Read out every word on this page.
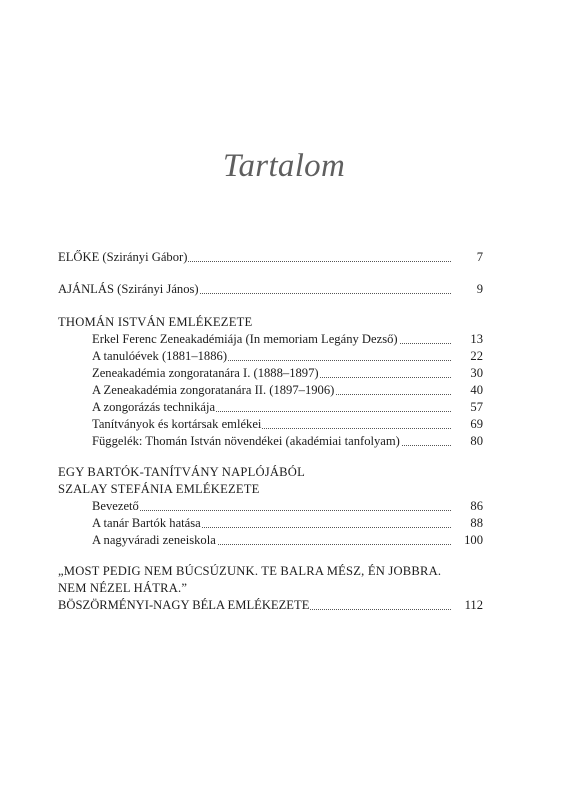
Tartalom
ELŐKE (Szirányi Gábor)	7
AJÁNLÁS (Szirányi János)	9
THOMÁN ISTVÁN EMLÉKEZETE
Erkel Ferenc Zeneakadémiája (In memoriam Legány Dezső)	13
A tanulóévek (1881–1886)	22
Zeneakadémia zongoratanára I. (1888–1897)	30
A Zeneakadémia zongoratanára II. (1897–1906)	40
A zongorázás technikája	57
Tanítványok és kortársak emlékei	69
Függelék: Thomán István növendékei (akadémiai tanfolyam)	80
EGY BARTÓK-TANÍTVÁNY NAPLÓJÁBÓL
SZALAY STEFÁNIA EMLÉKEZETE
Bevezető	86
A tanár Bartók hatása	88
A nagyváradi zeneiskola	100
„MOST PEDIG NEM BÚCSÚZUNK. TE BALRA MÉSZ, ÉN JOBBRA.
NEM NÉZEL HÁTRA.”
BÖSZÖRMÉNYI-NAGY BÉLA EMLÉKEZETE	112
